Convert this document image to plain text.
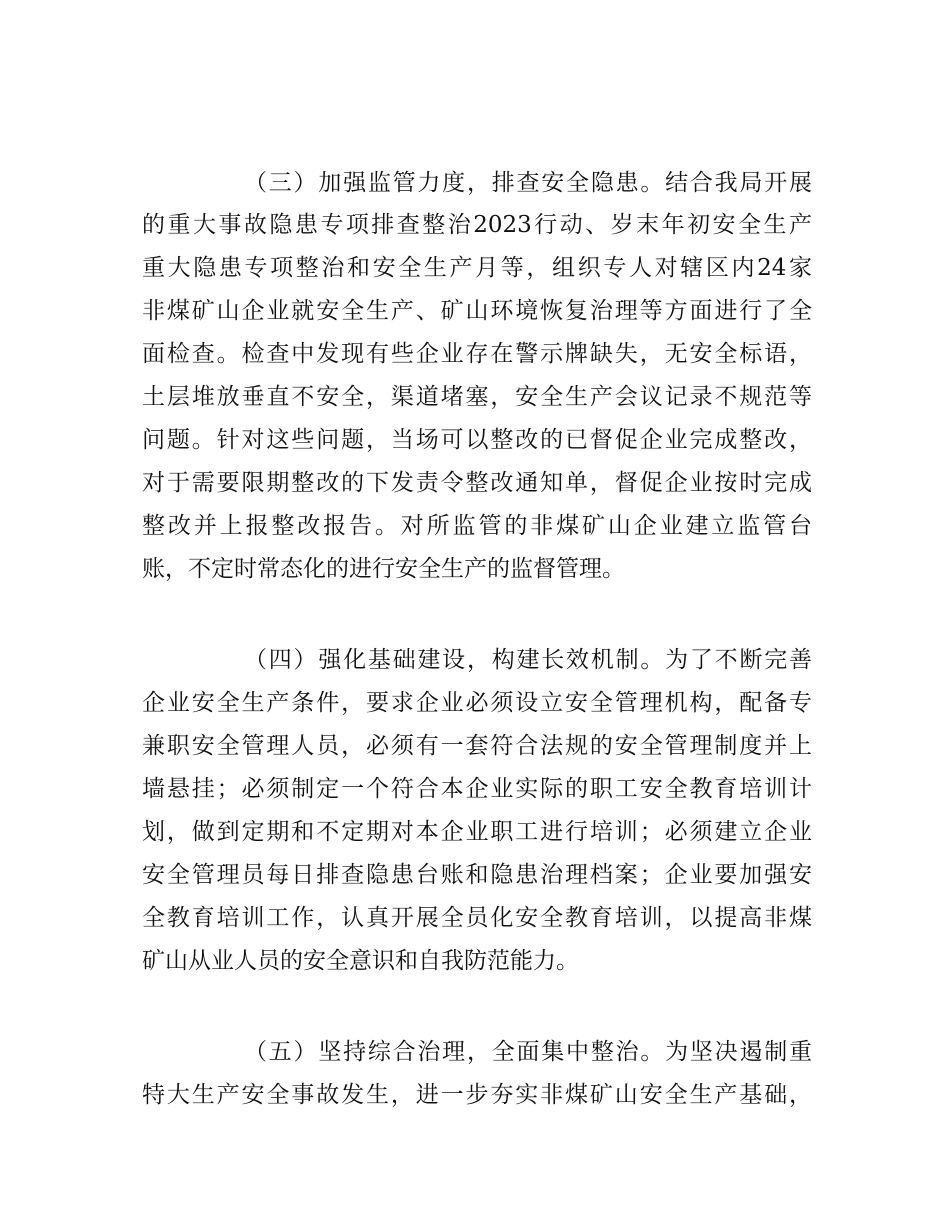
（三）加强监管力度，排查安全隐患。结合我局开展
的重大事故隐患专项排查整治2023行动、岁末年初安全生产
重大隐患专项整治和安全生产月等，组织专人对辖区内24家
非煤矿山企业就安全生产、矿山环境恢复治理等方面进行了全
面检查。检查中发现有些企业存在警示牌缺失，无安全标语，
土层堆放垂直不安全，渠道堵塞，安全生产会议记录不规范等
问题。针对这些问题，当场可以整改的已督促企业完成整改，
对于需要限期整改的下发责令整改通知单，督促企业按时完成
整改并上报整改报告。对所监管的非煤矿山企业建立监管台
账，不定时常态化的进行安全生产的监督管理。
（四）强化基础建设，构建长效机制。为了不断完善
企业安全生产条件，要求企业必须设立安全管理机构，配备专
兼职安全管理人员，必须有一套符合法规的安全管理制度并上
墙悬挂；必须制定一个符合本企业实际的职工安全教育培训计
划，做到定期和不定期对本企业职工进行培训；必须建立企业
安全管理员每日排查隐患台账和隐患治理档案；企业要加强安
全教育培训工作，认真开展全员化安全教育培训，以提高非煤
矿山从业人员的安全意识和自我防范能力。
（五）坚持综合治理，全面集中整治。为坚决遏制重
特大生产安全事故发生，进一步夯实非煤矿山安全生产基础，
